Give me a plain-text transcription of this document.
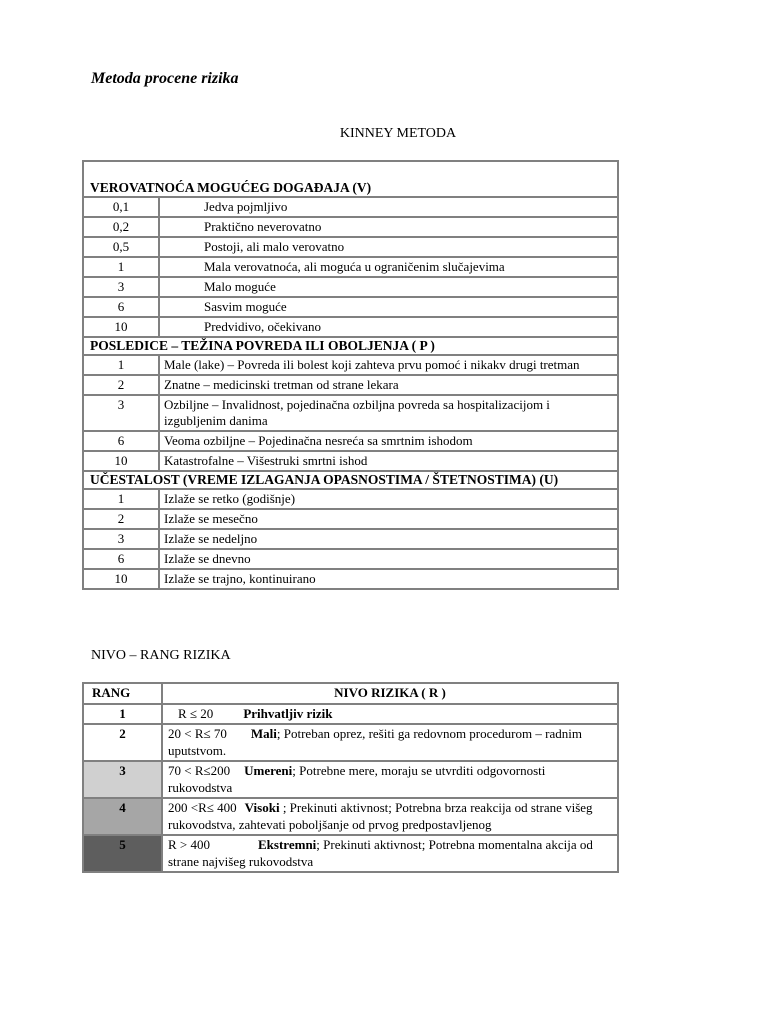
Metoda procene rizika
KINNEY METODA
VEROVATNOĆA MOGUĆEG DOGAĐAJA (V)	
0,1	Jedva pojmljivo
0,2	Praktično neverovatno
0,5	Postoji, ali malo verovatno
1	Mala verovatnoća, ali moguća u ograničenim slučajevima
3	Malo moguće
6	Sasvim moguće
10	Predvidivo, očekivano
POSLEDICE – TEŽINA POVREDA ILI OBOLJENJA ( P )	
1	Male (lake) – Povreda ili bolest koji zahteva prvu pomoć i nikakv drugi tretman
2	Znatne – medicinski tretman od strane lekara
3	Ozbiljne – Invalidnost, pojedinačna ozbiljna povreda sa hospitalizacijom i izgubljenim danima
6	Veoma ozbiljne – Pojedinačna nesreća sa smrtnim ishodom
10	Katastrofalne – Višestruki smrtni ishod
UČESTALOST (VREME IZLAGANJA OPASNOSTIMA / ŠTETNOSTIMA) (U)	
1	Izlaže se retko (godišnje)
2	Izlaže se mesečno
3	Izlaže se nedeljno
6	Izlaže se dnevno
10	Izlaže se trajno, kontinuirano
NIVO – RANG RIZIKA
RANG	NIVO RIZIKA ( R )
1	R ≤ 20 Prihvatljiv rizik
2	20 < R≤ 70 Mali; Potreban oprez, rešiti ga redovnom procedurom – radnim uputstvom.
3	70 < R≤200 Umereni; Potrebne mere, moraju se utvrditi odgovornosti rukovodstva
4	200 <R≤ 400 Visoki ; Prekinuti aktivnost; Potrebna brza reakcija od strane višeg rukovodstva, zahtevati poboljšanje od prvog predpostavljenog
5	R > 400 Ekstremni; Prekinuti aktivnost; Potrebna momentalna akcija od strane najvišeg rukovodstva
